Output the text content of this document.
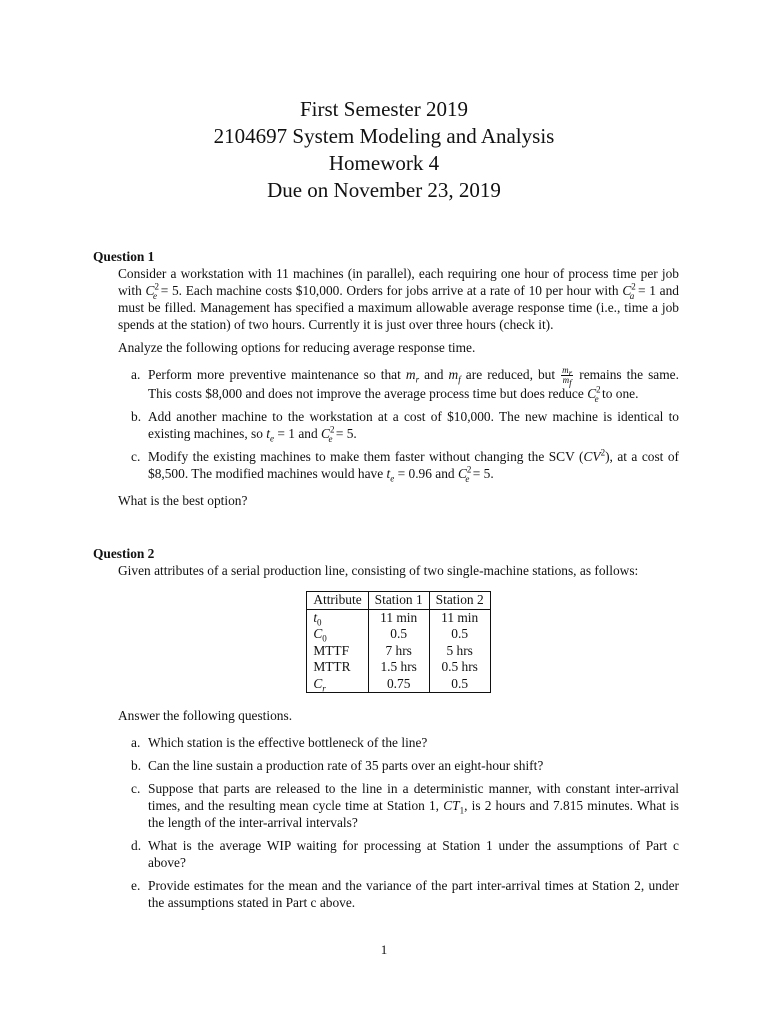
First Semester 2019
2104697 System Modeling and Analysis
Homework 4
Due on November 23, 2019

Question 1

Consider a workstation with 11 machines (in parallel), each requiring one hour of process time per job with $C^2_e = 5$. Each machine costs $10,000. Orders for jobs arrive at a rate of 10 per hour with $C^2_a = 1$ and must be filled. Management has specified a maximum allowable average response time (i.e., time a job spends at the station) of two hours. Currently it is just over three hours (check it).

Analyze the following options for reducing average response time.

a. Perform more preventive maintenance so that $m_r$ and $m_f$ are reduced, but $\frac{m_r}{m_f}$ remains the same. This costs $8,000 and does not improve the average process time but does reduce $C^2_e$ to one.
b. Add another machine to the workstation at a cost of $10,000. The new machine is identical to existing machines, so $t_e = 1$ and $C^2_e = 5$.
c. Modify the existing machines to make them faster without changing the SCV $(CV^2)$, at a cost of $8,500. The modified machines would have $t_e = 0.96$ and $C^2_e = 5$.

What is the best option?

Question 2

Given attributes of a serial production line, consisting of two single-machine stations, as follows:

Attribute	Station 1	Station 2
$t_0$	11 min	11 min
$C_0$	0.5	0.5
MTTF	7 hrs	5 hrs
MTTR	1.5 hrs	0.5 hrs
$C_r$	0.75	0.5

Answer the following questions.

a. Which station is the effective bottleneck of the line?
b. Can the line sustain a production rate of 35 parts over an eight-hour shift?
c. Suppose that parts are released to the line in a deterministic manner, with constant inter-arrival times, and the resulting mean cycle time at Station 1, $CT_1$, is 2 hours and 7.815 minutes. What is the length of the inter-arrival intervals?
d. What is the average WIP waiting for processing at Station 1 under the assumptions of Part c above?
e. Provide estimates for the mean and the variance of the part inter-arrival times at Station 2, under the assumptions stated in Part c above.
1
